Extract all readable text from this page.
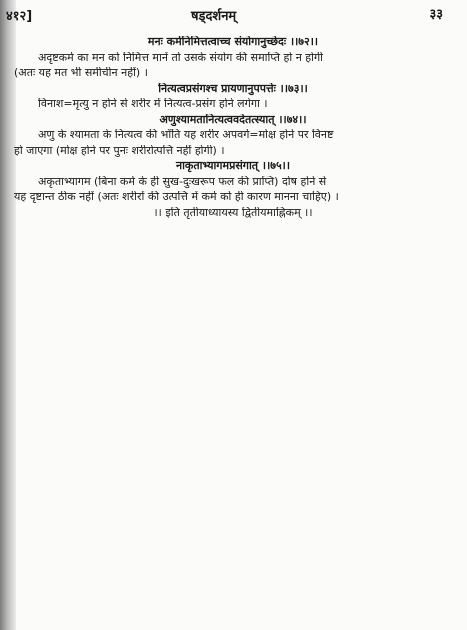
४१२]	षड्दर्शनम्	३३
मनः कर्मनिमित्तत्वाच्च संयोगानुच्छेदः ।।७२।।
अदृष्टकर्म का मन को निमित्त मानें तो उसके संयोग की समाप्ति हो न होगी
(अतः यह मत भी समीचीन नहीं) ।
नित्यत्वप्रसंगश्च प्रायणानुपपत्तेः ।।७३।।
विनाश=मृत्यु न होने से शरीर में नित्यत्व-प्रसंग होने लगेगा ।
अणुश्यामतानित्यत्ववदेतत्स्यात् ।।७४।।
अणु के श्यामता के नित्यत्व की भाँति यह शरीर अपवर्ग=मोक्ष होने पर विनष्ट
हो जाएगा (मोक्ष होने पर पुनः शरीरोत्पत्ति नहीं होगी) ।
नाकृताभ्यागमप्रसंगात् ।।७५।।
अकृताभ्यागम (बिना कर्म के ही सुख-दुःखरूप फल की प्राप्ति) दोष होने से
यह दृष्टान्त ठीक नहीं (अतः शरीरों की उत्पत्ति में कर्म को ही कारण मानना चाहिए) ।
।। इति तृतीयाध्यायस्य द्वितीयमाह्निकम् ।।
